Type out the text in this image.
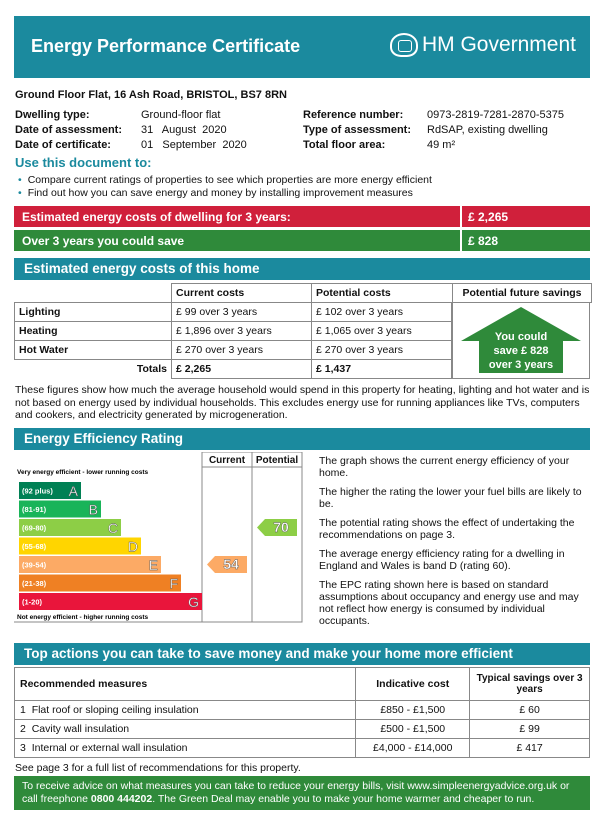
Energy Performance Certificate	HM Government
Ground Floor Flat, 16 Ash Road, BRISTOL, BS7 8RN
Dwelling type:	Ground-floor flat
Date of assessment: 31   August  2020
Date of certificate:	01   September  2020
Reference number: 0973-2819-7281-2870-5375
Type of assessment: RdSAP, existing dwelling
Total floor area:	49 m²
Use this document to:
• Compare current ratings of properties to see which properties are more energy efficient
• Find out how you can save energy and money by installing improvement measures
Estimated energy costs of dwelling for 3 years:	£ 2,265
Over 3 years you could save	£ 828
Estimated energy costs of this home
	Current costs	Potential costs	Potential future savings
Lighting	£ 99 over 3 years	£ 102 over 3 years	
Heating	£ 1,896 over 3 years	£ 1,065 over 3 years	
Hot Water	£ 270 over 3 years	£ 270 over 3 years	
Totals	£ 2,265	£ 1,437	
You could
save £ 828
over 3 years
These figures show how much the average household would spend in this property for heating, lighting and hot water and is not based on energy used by individual households. This excludes energy use for running appliances like TVs, computers and cookers, and electricity generated by microgeneration.
Energy Efficiency Rating
Very energy efficient - lower running costs
Not energy efficient - higher running costs
(92 plus) A
(81-91)	B
(69-80)	C
(55-68)	D
(39-54)	E
(21-38)	F
(1-20)	G
54
70
Current	Potential	The graph shows the current energy efficiency of your home.

The higher the rating the lower your fuel bills are likely to be.

The potential rating shows the effect of undertaking the recommendations on page 3.

The average energy efficiency rating for a dwelling in England and Wales is band D (rating 60).

The EPC rating shown here is based on standard assumptions about occupancy and energy use and may not reflect how energy is consumed by individual occupants.

Top actions you can take to save money and make your home more efficient
Recommended measures	Indicative cost	Typical savings over 3 years
1 Flat roof or sloping ceiling insulation	£850 - £1,500	£ 60
2 Cavity wall insulation	£500 - £1,500	£ 99
3 Internal or external wall insulation	£4,000 - £14,000	£ 417
See page 3 for a full list of recommendations for this property.
To receive advice on what measures you can take to reduce your energy bills, visit www.simpleenergyadvice.org.uk or
call freephone 0800 444202. The Green Deal may enable you to make your home warmer and cheaper to run.
